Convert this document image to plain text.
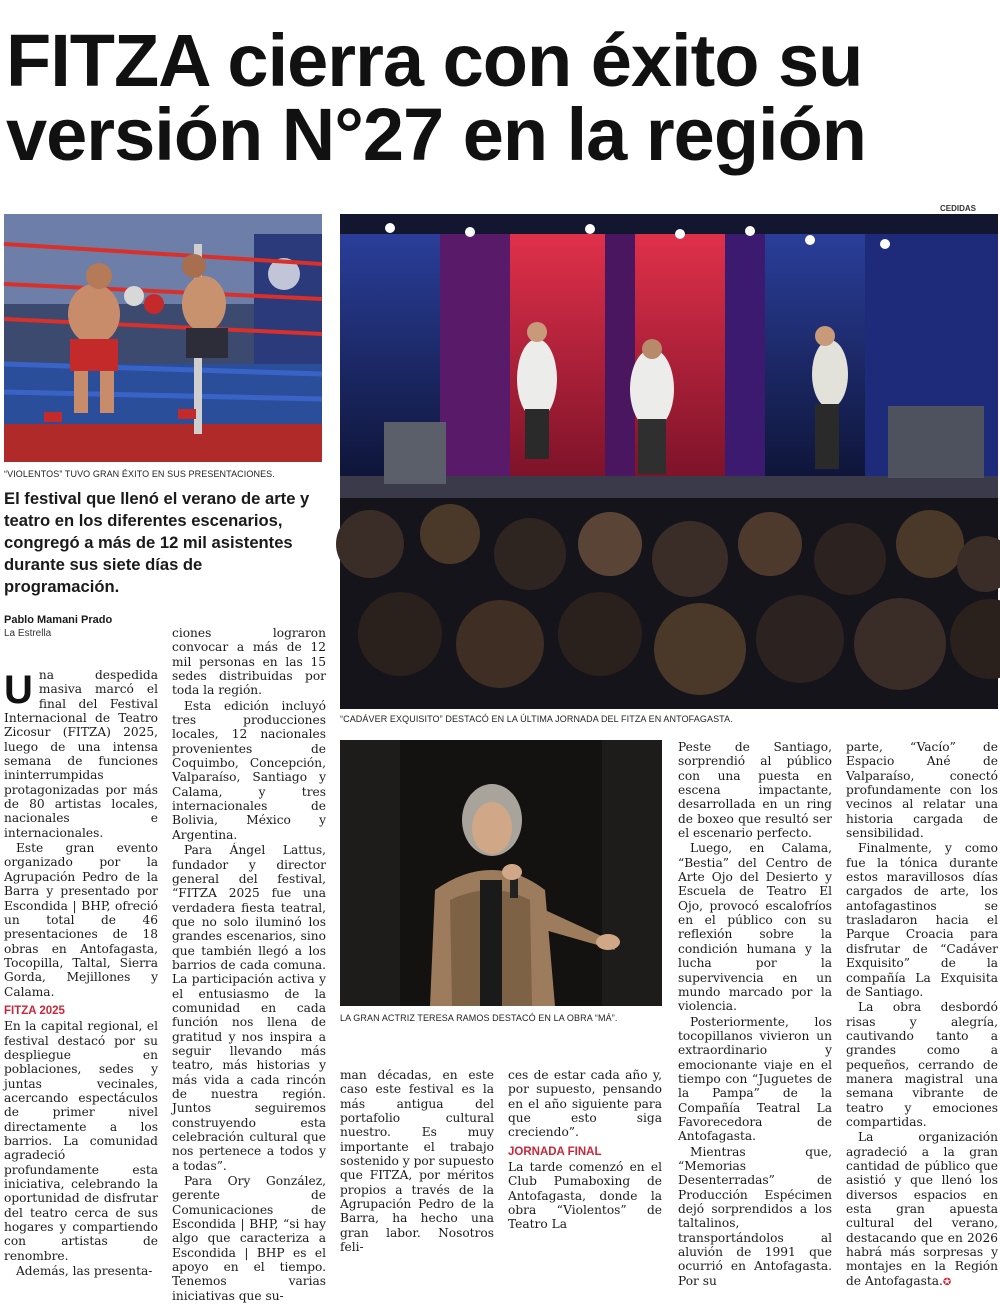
FITZA cierra con éxito su
versión N°27 en la región
CEDIDAS
“VIOLENTOS” TUVO GRAN ÉXITO EN SUS PRESENTACIONES.
“CADÁVER EXQUISITO” DESTACÓ EN LA ÚLTIMA JORNADA DEL FITZA EN ANTOFAGASTA.
El festival que llenó el verano de arte y teatro en los diferentes escenarios, congregó a más de 12 mil asistentes durante sus siete días de programación.
Pablo Mamani Prado
La Estrella

Una despedida masiva marcó el final del Festival Internacional de Teatro Zicosur (FITZA) 2025, luego de una intensa semana de funciones ininterrumpidas protagonizadas por más de 80 artistas locales, nacionales e internacionales.

Este gran evento organizado por la Agrupación Pedro de la Barra y presentado por Escondida | BHP, ofreció un total de 46 presentaciones de 18 obras en Antofagasta, Tocopilla, Taltal, Sierra Gorda, Mejillones y Calama.

FITZA 2025

En la capital regional, el festival destacó por su despliegue en poblaciones, sedes y juntas vecinales, acercando espectáculos de primer nivel directamente a los barrios. La comunidad agradeció profundamente esta iniciativa, celebrando la oportunidad de disfrutar del teatro cerca de sus hogares y compartiendo con artistas de renombre.

Además, las presenta-

ciones lograron convocar a más de 12 mil personas en las 15 sedes distribuidas por toda la región.

Esta edición incluyó tres producciones locales, 12 nacionales provenientes de Coquimbo, Concepción, Valparaíso, Santiago y Calama, y tres internacionales de Bolivia, México y Argentina.

Para Ángel Lattus, fundador y director general del festival, “FITZA 2025 fue una verdadera fiesta teatral, que no solo iluminó los grandes escenarios, sino que también llegó a los barrios de cada comuna. La participación activa y el entusiasmo de la comunidad en cada función nos llena de gratitud y nos inspira a seguir llevando más teatro, más historias y más vida a cada rincón de nuestra región. Juntos seguiremos construyendo esta celebración cultural que nos pertenece a todos y a todas”.

Para Ory González, gerente de Comunicaciones de Escondida | BHP, “si hay algo que caracteriza a Escondida | BHP es el apoyo en el tiempo. Tenemos varias iniciativas que su-

LA GRAN ACTRIZ TERESA RAMOS DESTACÓ EN LA OBRA “MÁ”.

man décadas, en este caso este festival es la más antigua del portafolio cultural nuestro. Es muy importante el trabajo sostenido y por supuesto que FITZA, por méritos propios a través de la Agrupación Pedro de la Barra, ha hecho una gran labor. Nosotros feli-

ces de estar cada año y, por supuesto, pensando en el año siguiente para que esto siga creciendo”.

JORNADA FINAL

La tarde comenzó en el Club Pumaboxing de Antofagasta, donde la obra “Violentos” de Teatro La

Peste de Santiago, sorprendió al público con una puesta en escena impactante, desarrollada en un ring de boxeo que resultó ser el escenario perfecto.

Luego, en Calama, “Bestia” del Centro de Arte Ojo del Desierto y Escuela de Teatro El Ojo, provocó escalofríos en el público con su reflexión sobre la condición humana y la lucha por la supervivencia en un mundo marcado por la violencia.

Posteriormente, los tocopillanos vivieron un extraordinario y emocionante viaje en el tiempo con “Juguetes de la Pampa” de la Compañía Teatral La Favorecedora de Antofagasta.

Mientras que, “Memorias Desenterradas” de Producción Espécimen dejó sorprendidos a los taltalinos, transportándolos al aluvión de 1991 que ocurrió en Antofagasta. Por su

parte, “Vacío” de Espacio Ané de Valparaíso, conectó profundamente con los vecinos al relatar una historia cargada de sensibilidad.

Finalmente, y como fue la tónica durante estos maravillosos días cargados de arte, los antofagastinos se trasladaron hacia el Parque Croacia para disfrutar de “Cadáver Exquisito” de la compañía La Exquisita de Santiago.

La obra desbordó risas y alegría, cautivando tanto a grandes como a pequeños, cerrando de manera magistral una semana vibrante de teatro y emociones compartidas.

La organización agradeció a la gran cantidad de público que asistió y que llenó los diversos espacios en esta gran apuesta cultural del verano, destacando que en 2026 habrá más sorpresas y montajes en la Región de Antofagasta.✪
